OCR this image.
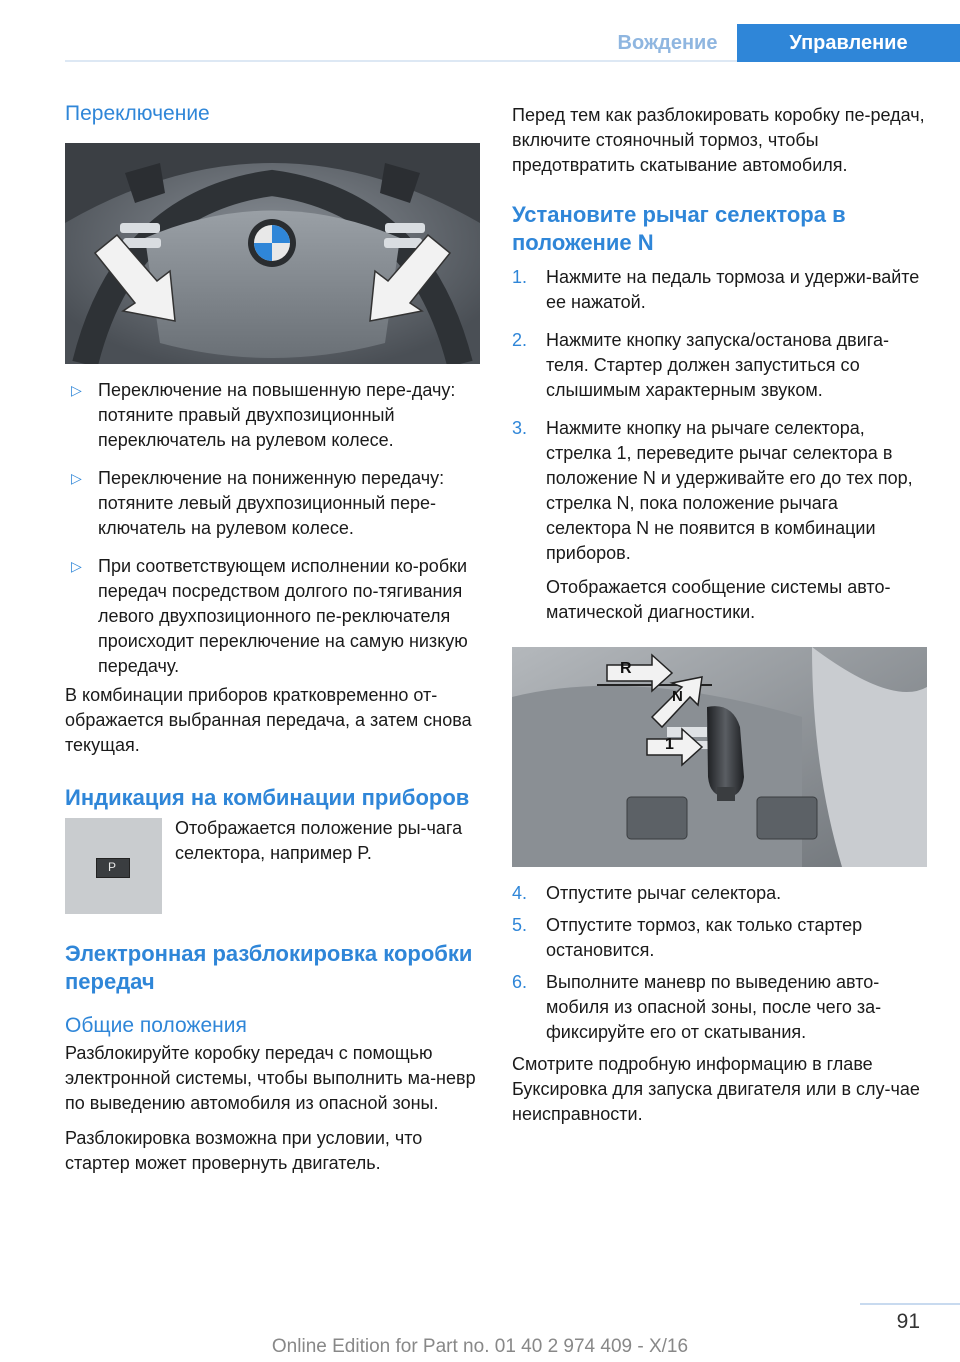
Вождение	Управление
Переключение
▷ Переключение на повышенную пере-дачу: потяните правый двухпозиционный переключатель на рулевом колесе.
▷ Переключение на пониженную передачу: потяните левый двухпозиционный пере-ключатель на рулевом колесе.
▷ При соответствующем исполнении ко-робки передач посредством долгого по-тягивания левого двухпозиционного пе-реключателя происходит переключение на самую низкую передачу.

В комбинации приборов кратковременно от-ображается выбранная передача, а затем снова текущая.

Индикация на комбинации приборов
P

Отображается положение ры-чага селектора, например P.

Электронная разблокировка коробки передач
Общие положения

Разблокируйте коробку передач с помощью электронной системы, чтобы выполнить ма-невр по выведению автомобиля из опасной зоны.

Разблокировка возможна при условии, что стартер может провернуть двигатель.

Перед тем как разблокировать коробку пе-редач, включите стояночный тормоз, чтобы предотвратить скатывание автомобиля.

Установите рычаг селектора в положение N
1. Нажмите на педаль тормоза и удержи-вайте ее нажатой.
2. Нажмите кнопку запуска/останова двига-теля. Стартер должен запуститься со слышимым характерным звуком.
3. Нажмите кнопку на рычаге селектора, стрелка 1, переведите рычаг селектора в положение N и удерживайте его до тех пор, стрелка N, пока положение рычага селектора N не появится в комбинации приборов.

Отображается сообщение системы авто-матической диагностики.

R
N
1
4. Отпустите рычаг селектора.
5. Отпустите тормоз, как только стартер остановится.
6. Выполните маневр по выведению авто-мобиля из опасной зоны, после чего за-фиксируйте его от скатывания.

Смотрите подробную информацию в главе Буксировка для запуска двигателя или в слу-чае неисправности.

91
Online Edition for Part no. 01 40 2 974 409 - X/16
